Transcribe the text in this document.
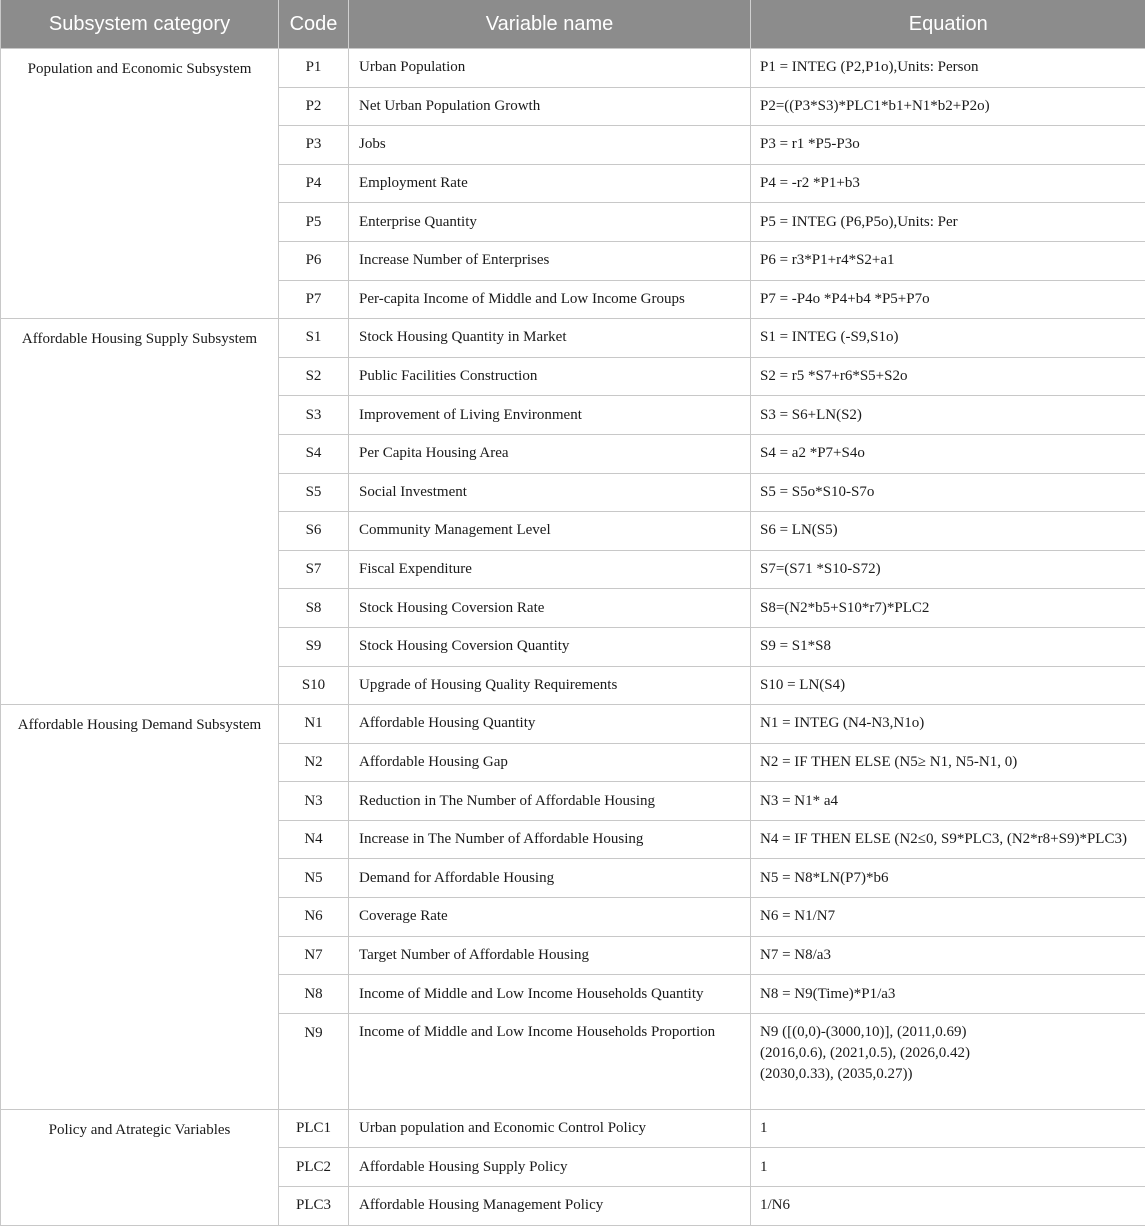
Subsystem category	Code	Variable name	Equation
Population and Economic Subsystem	P1	Urban Population	P1 = INTEG (P2,P1o),Units: Person

	P2	Net Urban Population Growth	P2=((P3*S3)*PLC1*b1+N1*b2+P2o)

	P3	Jobs	P3 = r1 *P5-P3o

	P4	Employment Rate	P4 = -r2 *P1+b3

	P5	Enterprise Quantity	P5 = INTEG (P6,P5o),Units: Per

	P6	Increase Number of Enterprises	P6 = r3*P1+r4*S2+a1

	P7	Per-capita Income of Middle and Low Income Groups	P7 = -P4o *P4+b4 *P5+P7o

Affordable Housing Supply Subsystem	S1	Stock Housing Quantity in Market	S1 = INTEG (-S9,S1o)

	S2	Public Facilities Construction	S2 = r5 *S7+r6*S5+S2o

	S3	Improvement of Living Environment	S3 = S6+LN(S2)

	S4	Per Capita Housing Area	S4 = a2 *P7+S4o

	S5	Social Investment	S5 = S5o*S10-S7o

	S6	Community Management Level	S6 = LN(S5)

	S7	Fiscal Expenditure	S7=(S71 *S10-S72)

	S8	Stock Housing Coversion Rate	S8=(N2*b5+S10*r7)*PLC2

	S9	Stock Housing Coversion Quantity	S9 = S1*S8

	S10	Upgrade of Housing Quality Requirements	S10 = LN(S4)

Affordable Housing Demand Subsystem	N1	Affordable Housing Quantity	N1 = INTEG (N4-N3,N1o)

	N2	Affordable Housing Gap	N2 = IF THEN ELSE (N5≥ N1, N5-N1, 0)

	N3	Reduction in The Number of Affordable Housing	N3 = N1* a4

	N4	Increase in The Number of Affordable Housing	N4 = IF THEN ELSE (N2≤0, S9*PLC3, (N2*r8+S9)*PLC3)

	N5	Demand for Affordable Housing	N5 = N8*LN(P7)*b6

	N6	Coverage Rate	N6 = N1/N7

	N7	Target Number of Affordable Housing	N7 = N8/a3

	N8	Income of Middle and Low Income Households Quantity	N8 = N9(Time)*P1/a3

	N9	Income of Middle and Low Income Households Proportion	N9 ([(0,0)-(3000,10)], (2011,0.69)
(2016,0.6), (2021,0.5), (2026,0.42)
(2030,0.33), (2035,0.27))

Policy and Atrategic Variables	PLC1	Urban population and Economic Control Policy	1

	PLC2	Affordable Housing Supply Policy	1

	PLC3	Affordable Housing Management Policy	1/N6
